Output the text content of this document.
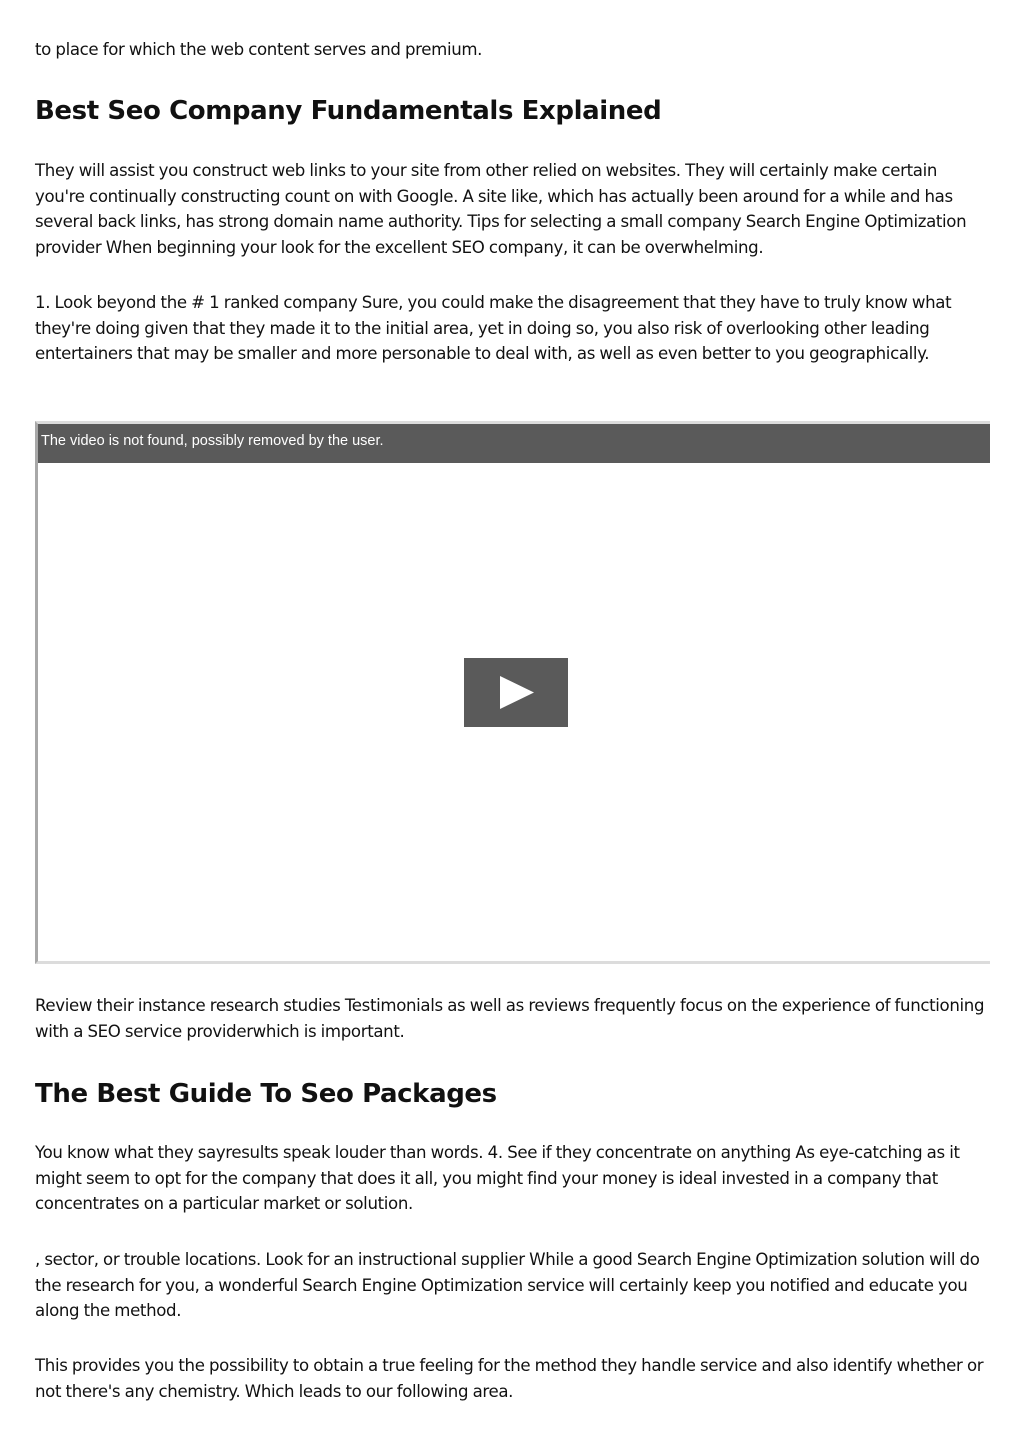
to place for which the web content serves and premium.

Best Seo Company Fundamentals Explained

They will assist you construct web links to your site from other relied on websites. They will certainly make certain you're continually constructing count on with Google. A site like, which has actually been around for a while and has several back links, has strong domain name authority. Tips for selecting a small company Search Engine Optimization provider When beginning your look for the excellent SEO company, it can be overwhelming.

1. Look beyond the # 1 ranked company Sure, you could make the disagreement that they have to truly know what they're doing given that they made it to the initial area, yet in doing so, you also risk of overlooking other leading entertainers that may be smaller and more personable to deal with, as well as even better to you geographically.

The video is not found, possibly removed by the user.

Review their instance research studies Testimonials as well as reviews frequently focus on the experience of functioning with a SEO service providerwhich is important.

The Best Guide To Seo Packages

You know what they sayresults speak louder than words. 4. See if they concentrate on anything As eye-catching as it might seem to opt for the company that does it all, you might find your money is ideal invested in a company that concentrates on a particular market or solution.

, sector, or trouble locations. Look for an instructional supplier While a good Search Engine Optimization solution will do the research for you, a wonderful Search Engine Optimization service will certainly keep you notified and educate you along the method.

This provides you the possibility to obtain a true feeling for the method they handle service and also identify whether or not there's any chemistry. Which leads to our following area.
